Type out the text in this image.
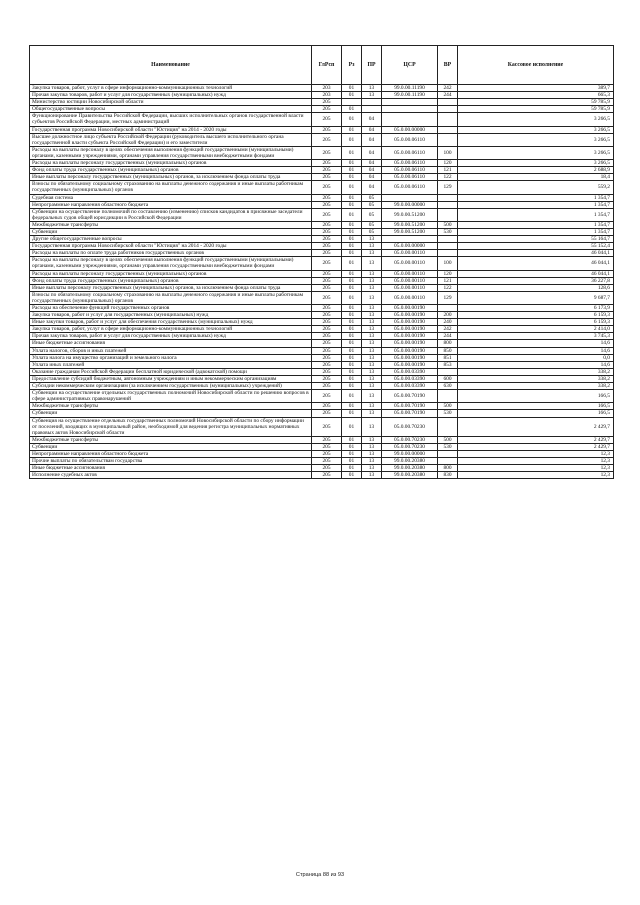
Наименование	ГлРсп	Рз	ПР	ЦСР	ВР	Кассовое исполнение
Закупка товаров, работ, услуг в сфере информационно-коммуникационных технологий	203	01	13	99.0.00.11190	242	389,7
Прочая закупка товаров, работ и услуг для государственных (муниципальных) нужд	203	01	13	99.0.00.11190	244	665,3
Министерство юстиции Новосибирской области	205					59 785,9
Общегосударственные вопросы	205	01				59 785,9
Функционирование Правительства Российской Федерации, высших исполнительных органов государственной власти субъектов Российской Федерации, местных администраций	205	01	04			3 266,5
Государственная программа Новосибирской области "Юстиция" на 2014 - 2020 годы	205	01	04	05.0.00.00000		3 266,5
Высшее должностное лицо субъекта Российской Федерации (руководитель высшего исполнительного органа государственной власти субъекта Российской Федерации) и его заместители	205	01	04	05.0.00.06110		3 266,5
Расходы на выплаты персоналу в целях обеспечения выполнения функций государственными (муниципальными) органами, казенными учреждениями, органами управления государственными внебюджетными фондами	205	01	04	05.0.00.06110	100	3 266,5
Расходы на выплаты персоналу государственных (муниципальных) органов	205	01	04	05.0.00.06110	120	3 266,5
Фонд оплаты труда государственных (муниципальных) органов	205	01	04	05.0.00.06110	121	2 688,9
Иные выплаты персоналу государственных (муниципальных) органов, за исключением фонда оплаты труда	205	01	04	05.0.00.06110	122	18,4
Взносы по обязательному социальному страхованию на выплаты денежного содержания и иные выплаты работникам государственных (муниципальных) органов	205	01	04	05.0.00.06110	129	559,2
Судебная система	205	01	05			1 354,7
Непрограммные направления областного бюджета	205	01	05	99.0.00.00000		1 354,7
Субвенции на осуществление полномочий по составлению (изменению) списков кандидатов в присяжные заседатели федеральных судов общей юрисдикции в Российской Федерации	205	01	05	99.0.00.51200		1 354,7
Межбюджетные трансферты	205	01	05	99.0.00.51200	500	1 354,7
Субвенции	205	01	05	99.0.00.51200	530	1 354,7
Другие общегосударственные вопросы	205	01	13			55 164,7
Государственная программа Новосибирской области "Юстиция" на 2014 - 2020 годы	205	01	13	05.0.00.00000		55 152,4
Расходы на выплаты по оплате труда работников государственных органов	205	01	13	05.0.00.00110		46 044,1
Расходы на выплаты персоналу в целях обеспечения выполнения функций государственными (муниципальными) органами, казенными учреждениями, органами управления государственными внебюджетными фондами	205	01	13	05.0.00.00110	100	46 044,1
Расходы на выплаты персоналу государственных (муниципальных) органов	205	01	13	05.0.00.00110	120	46 044,1
Фонд оплаты труда государственных (муниципальных) органов	205	01	13	05.0.00.00110	121	36 227,8
Иные выплаты персоналу государственных (муниципальных) органов, за исключением фонда оплаты труда	205	01	13	05.0.00.00110	122	128,6
Взносы по обязательному социальному страхованию на выплаты денежного содержания и иные выплаты работникам государственных (муниципальных) органов	205	01	13	05.0.00.00110	129	9 687,7
Расходы на обеспечение функций государственных органов	205	01	13	05.0.00.00190		6 173,9
Закупка товаров, работ и услуг для государственных (муниципальных) нужд	205	01	13	05.0.00.00190	200	6 159,3
Иные закупки товаров, работ и услуг для обеспечения государственных (муниципальных) нужд	205	01	13	05.0.00.00190	240	6 159,3
Закупка товаров, работ, услуг в сфере информационно-коммуникационных технологий	205	01	13	05.0.00.00190	242	2 414,0
Прочая закупка товаров, работ и услуг для государственных (муниципальных) нужд	205	01	13	05.0.00.00190	244	3 745,3
Иные бюджетные ассигнования	205	01	13	05.0.00.00190	800	14,6
Уплата налогов, сборов и иных платежей	205	01	13	05.0.00.00190	850	14,6
Уплата налога на имущество организаций и земельного налога	205	01	13	05.0.00.00190	851	0,0
Уплата иных платежей	205	01	13	05.0.00.00190	853	14,6
Оказание гражданам Российской Федерации бесплатной юридической (адвокатской) помощи	205	01	13	05.0.00.03390		338,2
Предоставление субсидий бюджетным, автономным учреждениям и иным некоммерческим организациям	205	01	13	05.0.00.03390	600	338,2
Субсидии некоммерческим организациям (за исключением государственных (муниципальных) учреждений)	205	01	13	05.0.00.03390	630	338,2
Субвенции на осуществление отдельных государственных полномочий Новосибирской области по решению вопросов в сфере административных правонарушений	205	01	13	05.0.00.70190		166,5
Межбюджетные трансферты	205	01	13	05.0.00.70190	500	166,5
Субвенции	205	01	13	05.0.00.70190	530	166,5
Субвенция на осуществление отдельных государственных полномочий Новосибирской области по сбору информации от поселений, входящих в муниципальный район, необходимой для ведения регистра муниципальных нормативных правовых актов Новосибирской области	205	01	13	05.0.00.70230		2 429,7
Межбюджетные трансферты	205	01	13	05.0.00.70230	500	2 429,7
Субвенции	205	01	13	05.0.00.70230	530	2 429,7
Непрограммные направления областного бюджета	205	01	13	99.0.00.00000		12,3
Прочие выплаты по обязательствам государства	205	01	13	99.0.00.20380		12,3
Иные бюджетные ассигнования	205	01	13	99.0.00.20380	800	12,3
Исполнение судебных актов	205	01	13	99.0.00.20380	830	12,3
Страница 88 из 93
